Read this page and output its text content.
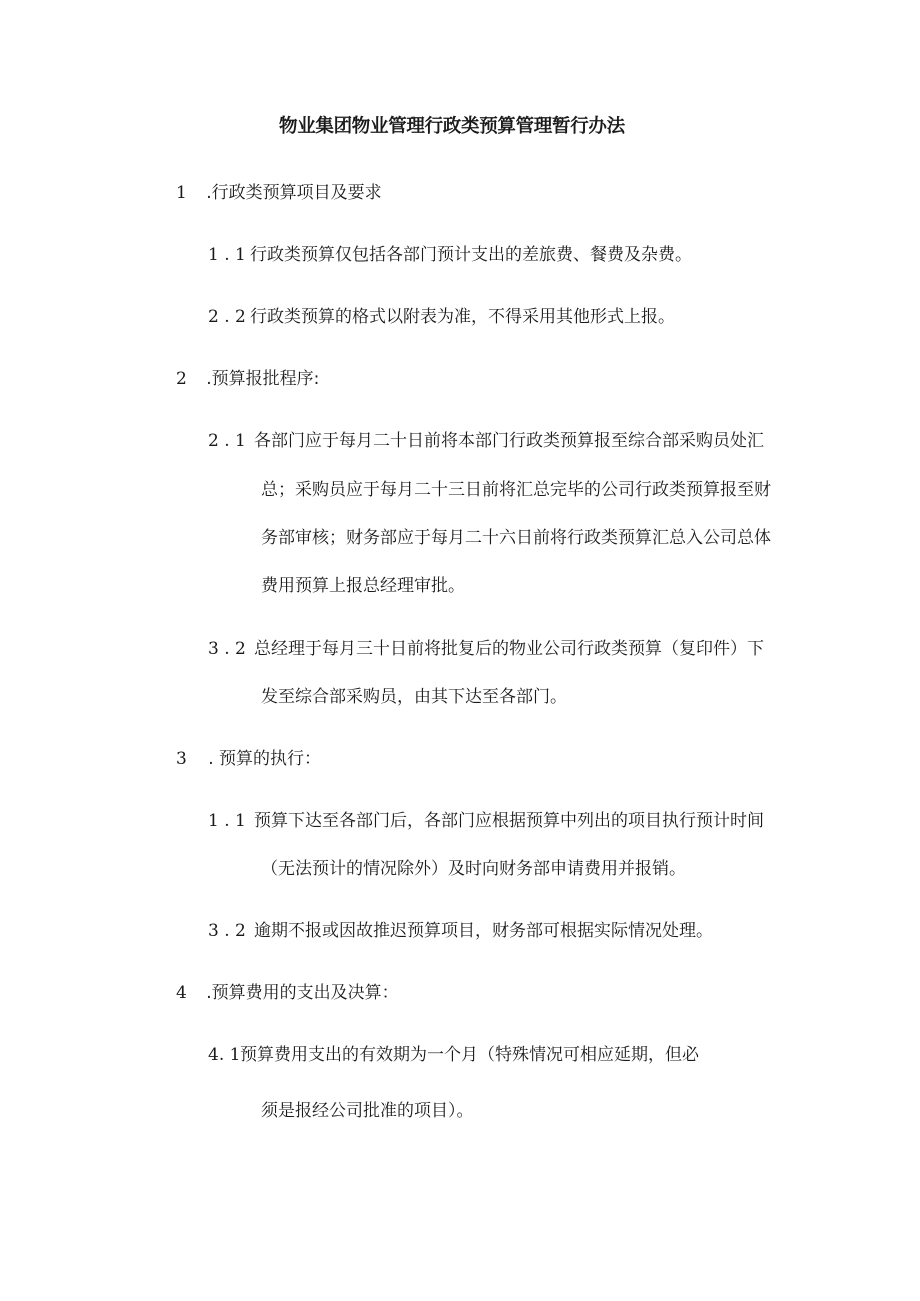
物业集团物业管理行政类预算管理暂行办法
1 .行政类预算项目及要求
1 . 1 行政类预算仅包括各部门预计支出的差旅费、餐费及杂费。
2 . 2 行政类预算的格式以附表为准，不得采用其他形式上报。
2 .预算报批程序:
2 . 1 各部门应于每月二十日前将本部门行政类预算报至综合部采购员处汇
总；采购员应于每月二十三日前将汇总完毕的公司行政类预算报至财
务部审核；财务部应于每月二十六日前将行政类预算汇总入公司总体
费用预算上报总经理审批。
3 . 2 总经理于每月三十日前将批复后的物业公司行政类预算（复印件）下
发至综合部采购员，由其下达至各部门。
3 . 预算的执行：
1 . 1 预算下达至各部门后，各部门应根据预算中列出的项目执行预计时间
（无法预计的情况除外）及时向财务部申请费用并报销。
3 . 2 逾期不报或因故推迟预算项目，财务部可根据实际情况处理。
4 .预算费用的支出及决算：
4. 1预算费用支出的有效期为一个月（特殊情况可相应延期，但必
须是报经公司批准的项目）。
